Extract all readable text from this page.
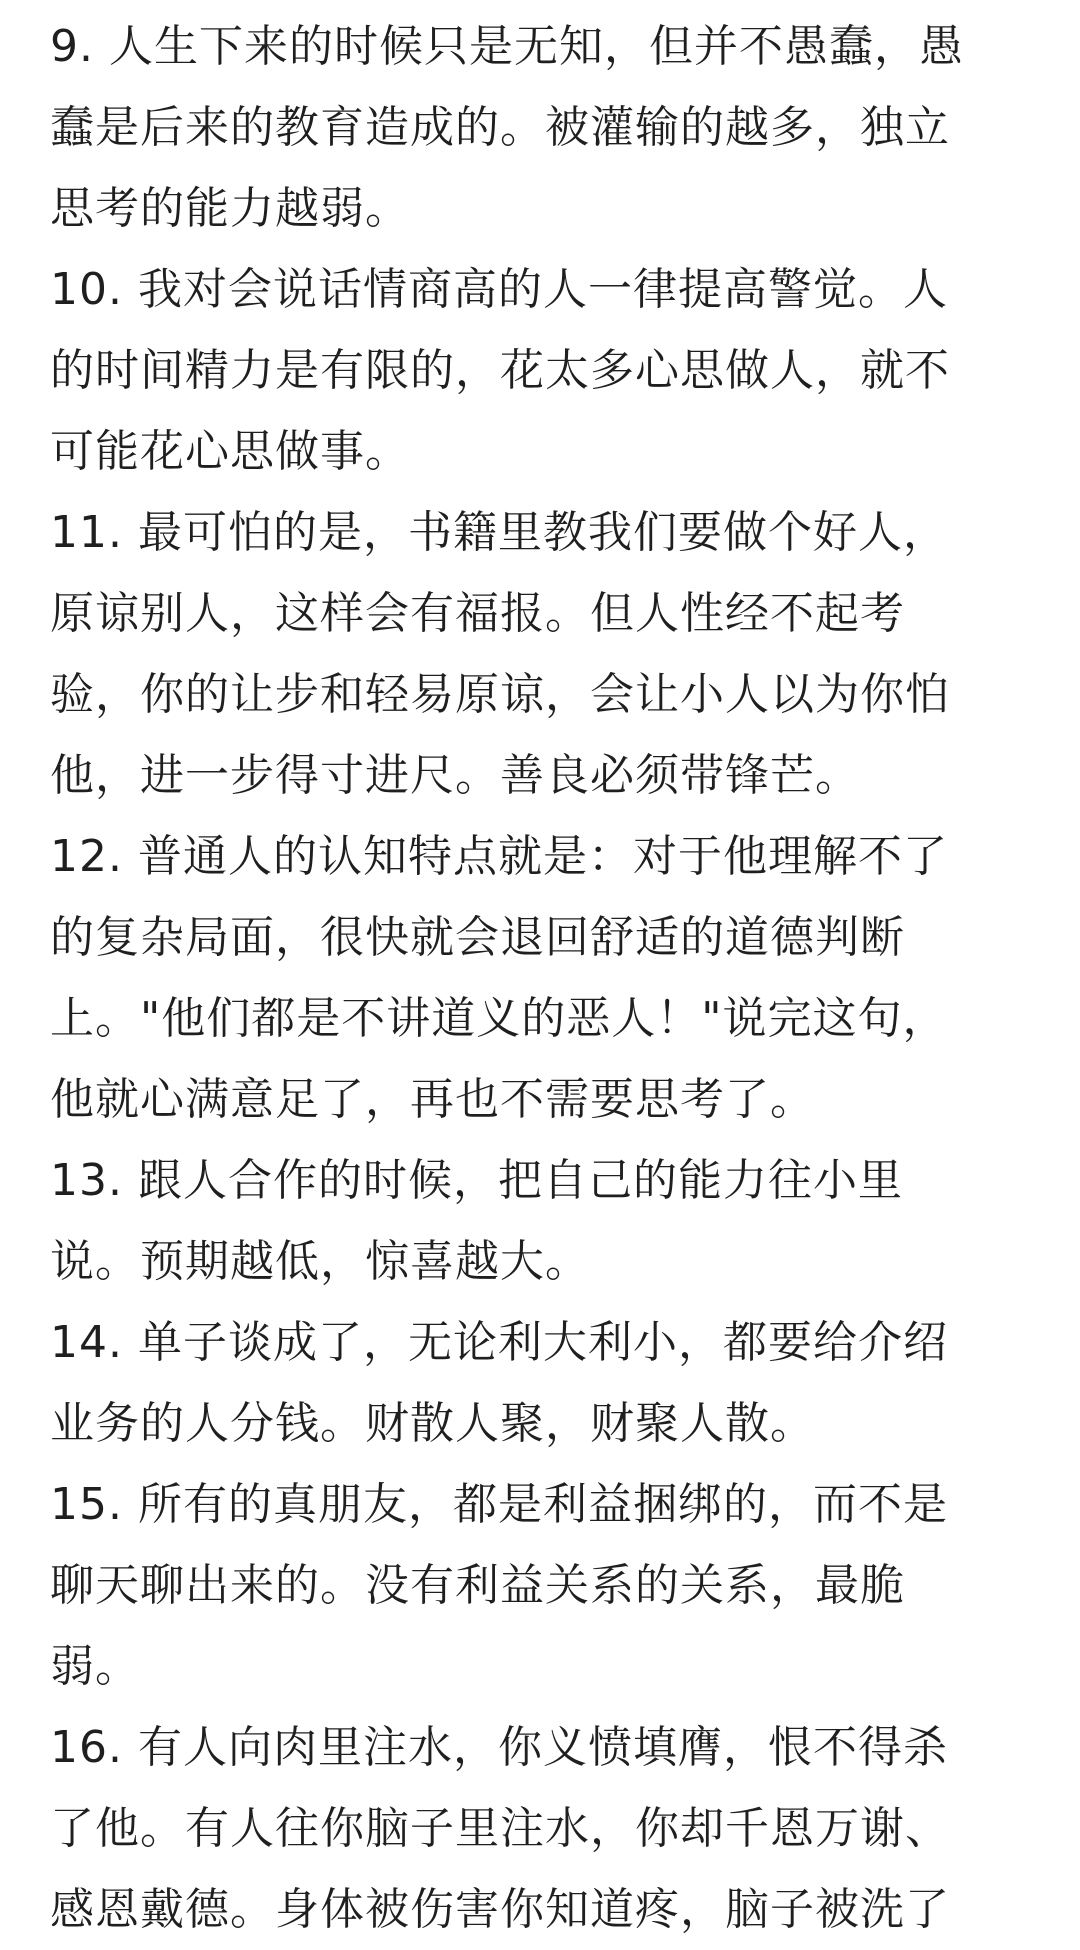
9. 人生下来的时候只是无知，但并不愚蠢，愚
蠢是后来的教育造成的。被灌输的越多，独立
思考的能力越弱。
10. 我对会说话情商高的人一律提高警觉。人
的时间精力是有限的，花太多心思做人，就不
可能花心思做事。
11. 最可怕的是，书籍里教我们要做个好人，
原谅别人，这样会有福报。但人性经不起考
验，你的让步和轻易原谅，会让小人以为你怕
他，进一步得寸进尺。善良必须带锋芒。
12. 普通人的认知特点就是：对于他理解不了
的复杂局面，很快就会退回舒适的道德判断
上。"他们都是不讲道义的恶人！"说完这句，
他就心满意足了，再也不需要思考了。
13. 跟人合作的时候，把自己的能力往小里
说。预期越低，惊喜越大。
14. 单子谈成了，无论利大利小，都要给介绍
业务的人分钱。财散人聚，财聚人散。
15. 所有的真朋友，都是利益捆绑的，而不是
聊天聊出来的。没有利益关系的关系，最脆
弱。
16. 有人向肉里注水，你义愤填膺，恨不得杀
了他。有人往你脑子里注水，你却千恩万谢、
感恩戴德。身体被伤害你知道疼，脑子被洗了
